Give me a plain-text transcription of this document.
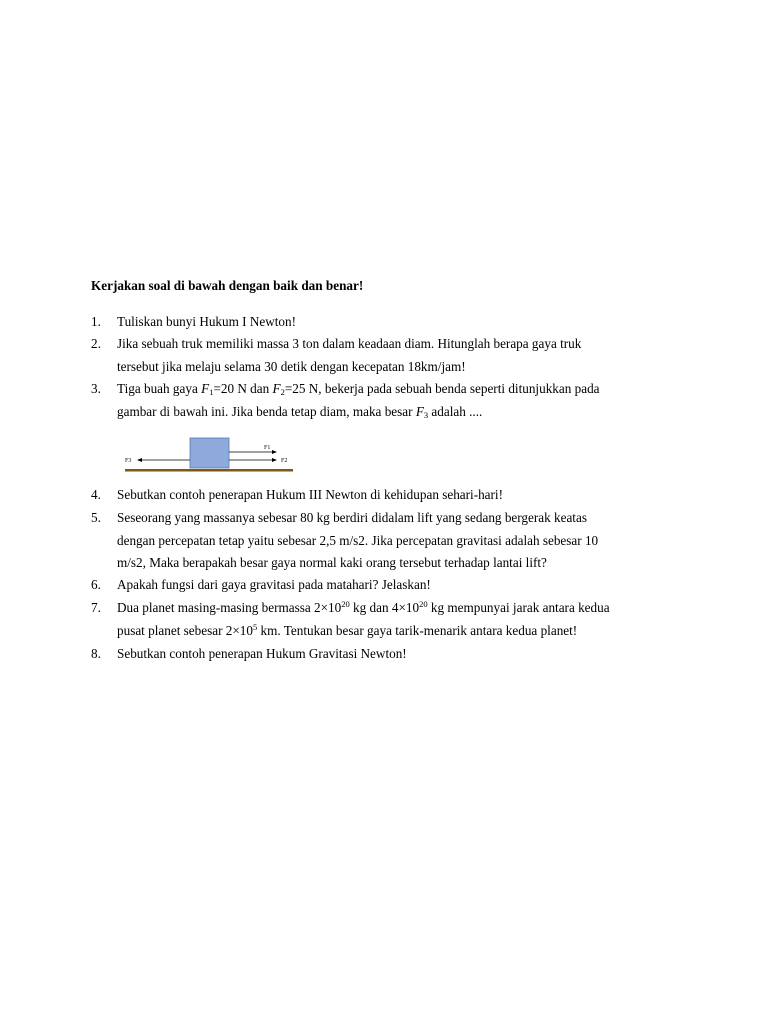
Kerjakan soal di bawah dengan baik dan benar!
1. Tuliskan bunyi Hukum I Newton!
2. Jika sebuah truk memiliki massa 3 ton dalam keadaan diam. Hitunglah berapa gaya truk
tersebut jika melaju selama 30 detik dengan kecepatan 18km/jam!
3. Tiga buah gaya $F_1=20$ N dan $F_2=25$ N, bekerja pada sebuah benda seperti ditunjukkan pada
gambar di bawah ini. Jika benda tetap diam, maka besar $F_3$ adalah ....
F3
F1
F2
4. Sebutkan contoh penerapan Hukum III Newton di kehidupan sehari-hari!
5. Seseorang yang massanya sebesar 80 kg berdiri didalam lift yang sedang bergerak keatas
dengan percepatan tetap yaitu sebesar 2,5 m/s2. Jika percepatan gravitasi adalah sebesar 10
m/s2, Maka berapakah besar gaya normal kaki orang tersebut terhadap lantai lift?
6. Apakah fungsi dari gaya gravitasi pada matahari? Jelaskan!
7. Dua planet masing-masing bermassa $2\times 10^{20}$ kg dan $4\times 10^{20}$ kg mempunyai jarak antara kedua
pusat planet sebesar $2\times 10^5$ km. Tentukan besar gaya tarik-menarik antara kedua planet!
8. Sebutkan contoh penerapan Hukum Gravitasi Newton!
